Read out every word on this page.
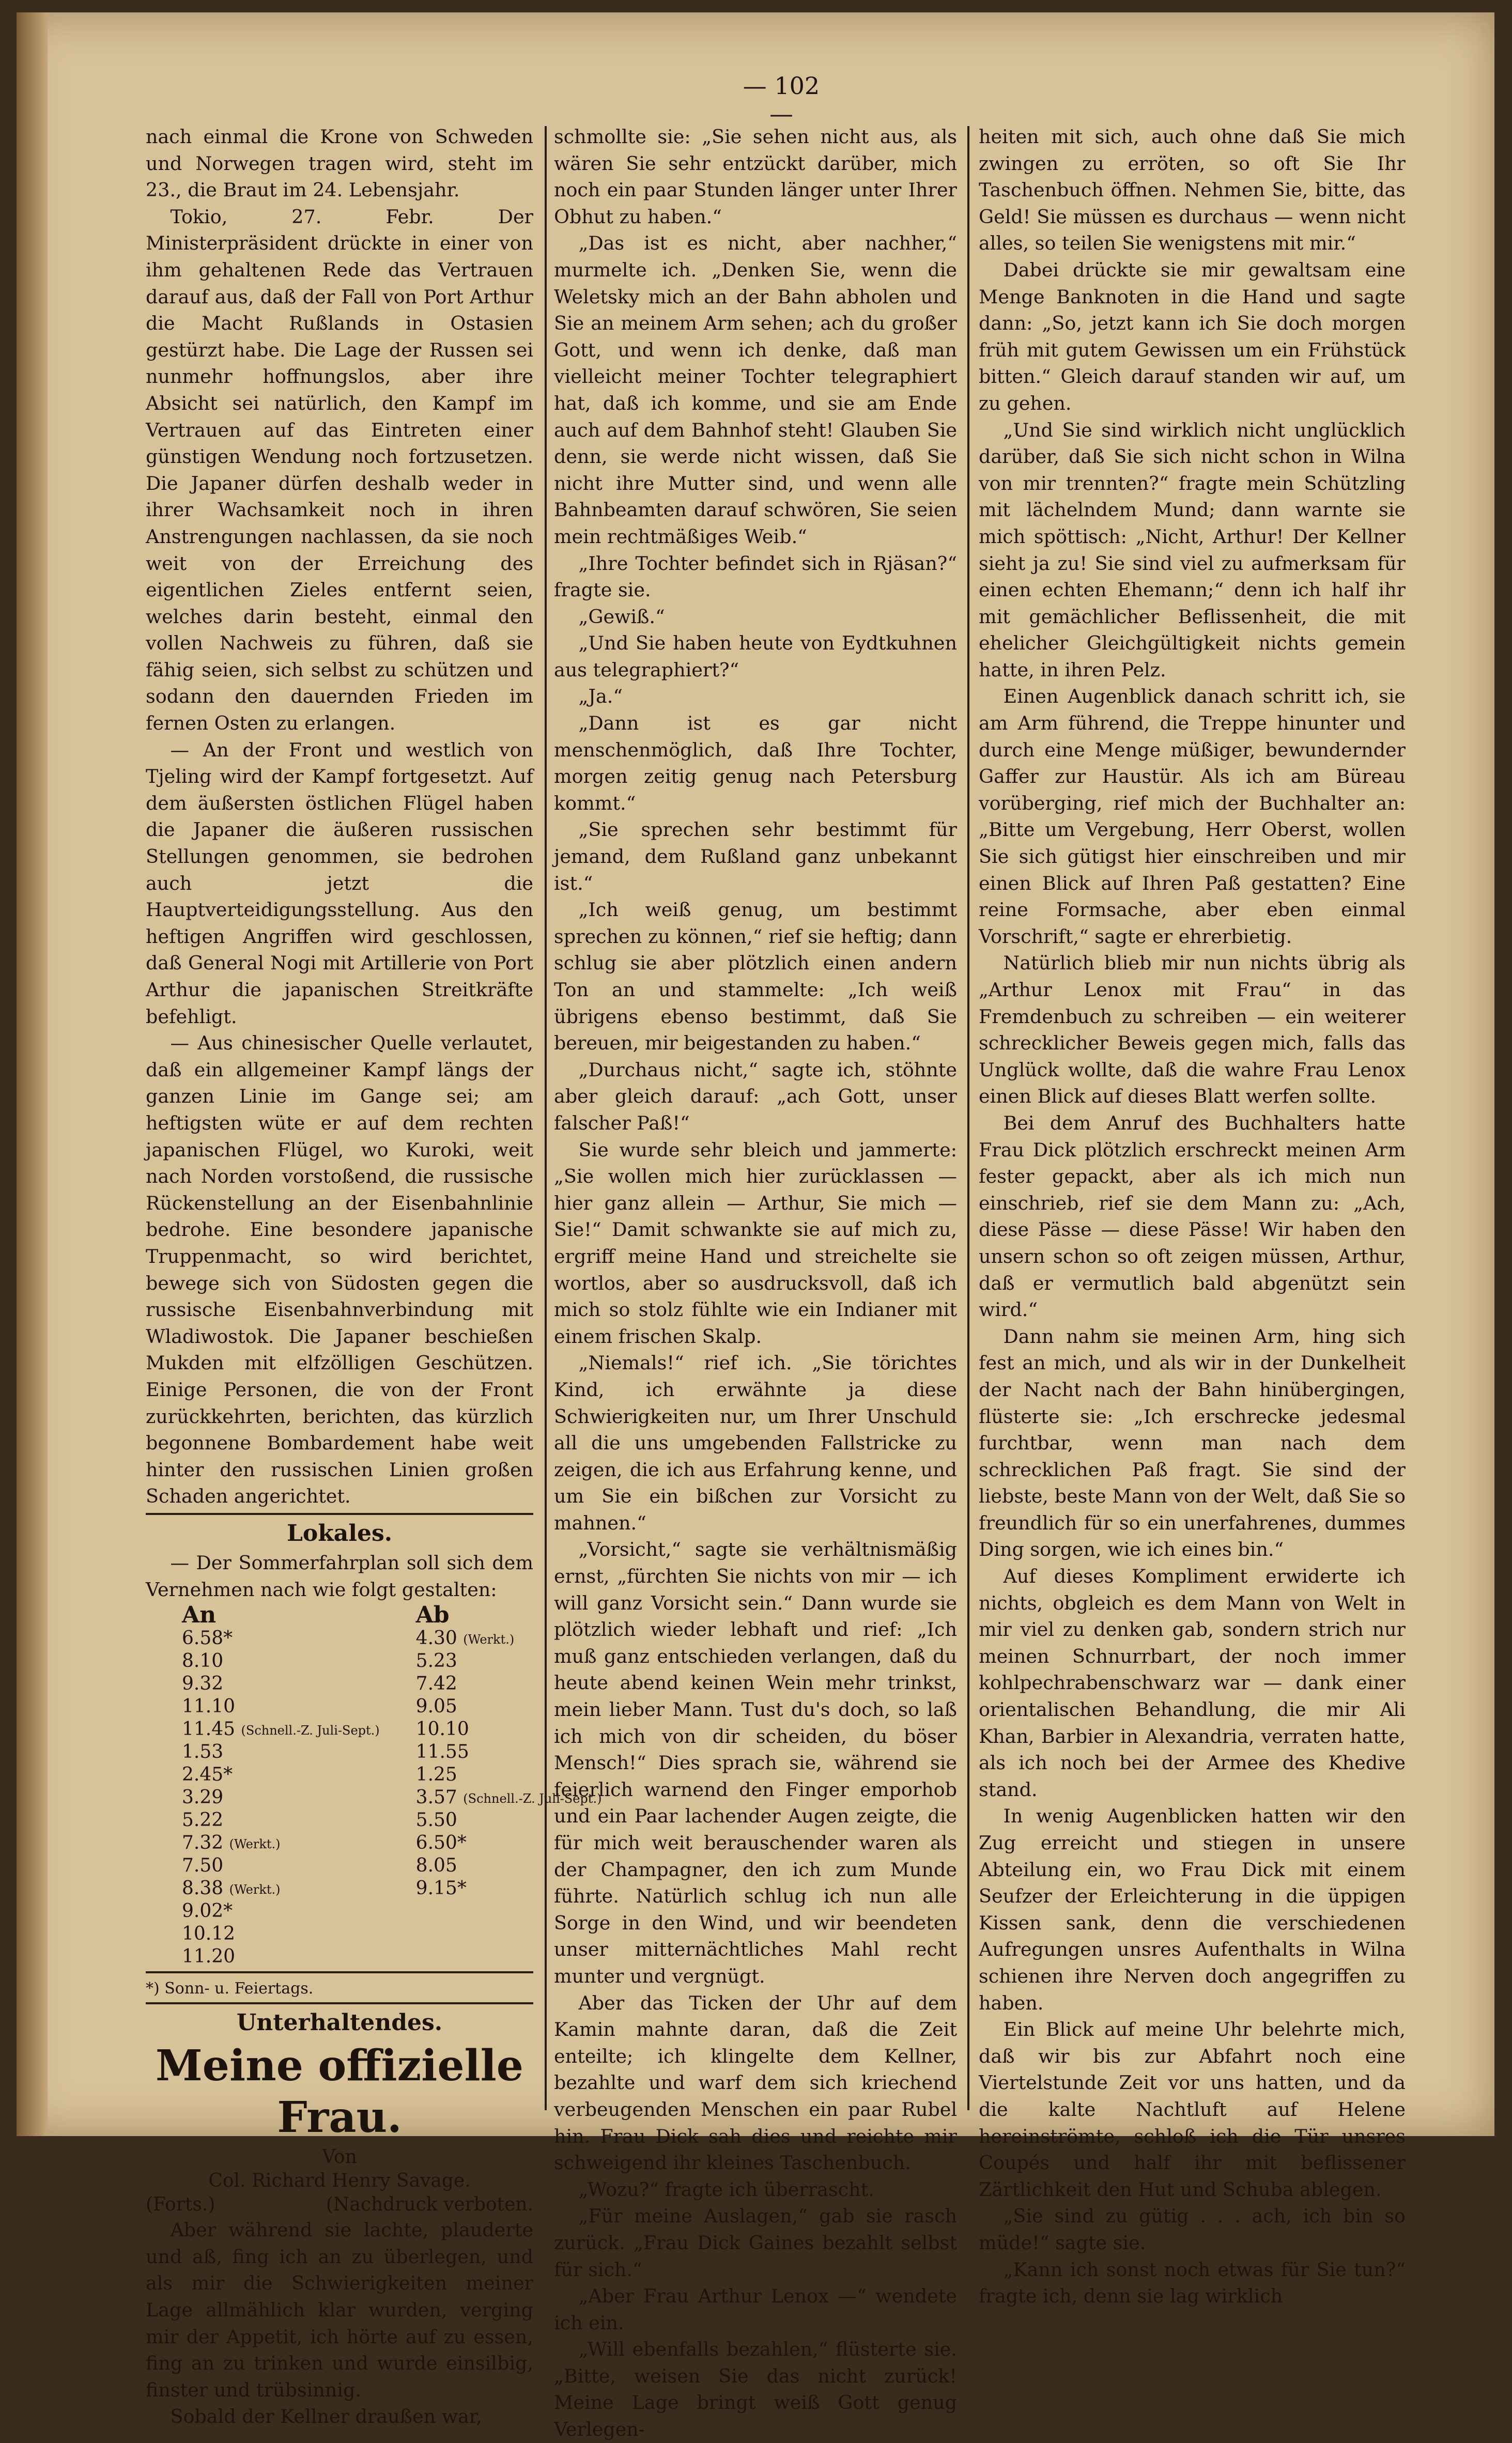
— 102 —

nach einmal die Krone von Schweden und Norwegen tragen wird, steht im 23., die Braut im 24. Lebensjahr.

Tokio, 27. Febr. Der Ministerpräsident drückte in einer von ihm gehaltenen Rede das Vertrauen darauf aus, daß der Fall von Port Arthur die Macht Rußlands in Ostasien gestürzt habe. Die Lage der Russen sei nunmehr hoffnungslos, aber ihre Absicht sei natürlich, den Kampf im Vertrauen auf das Eintreten einer günstigen Wendung noch fortzusetzen. Die Japaner dürfen deshalb weder in ihrer Wachsamkeit noch in ihren Anstrengungen nachlassen, da sie noch weit von der Erreichung des eigentlichen Zieles entfernt seien, welches darin besteht, einmal den vollen Nachweis zu führen, daß sie fähig seien, sich selbst zu schützen und sodann den dauernden Frieden im fernen Osten zu erlangen.

— An der Front und westlich von Tjeling wird der Kampf fortgesetzt. Auf dem äußersten östlichen Flügel haben die Japaner die äußeren russischen Stellungen genommen, sie bedrohen auch jetzt die Hauptverteidigungsstellung. Aus den heftigen Angriffen wird geschlossen, daß General Nogi mit Artillerie von Port Arthur die japanischen Streitkräfte befehligt.

— Aus chinesischer Quelle verlautet, daß ein allgemeiner Kampf längs der ganzen Linie im Gange sei; am heftigsten wüte er auf dem rechten japanischen Flügel, wo Kuroki, weit nach Norden vorstoßend, die russische Rückenstellung an der Eisenbahnlinie bedrohe. Eine besondere japanische Truppenmacht, so wird berichtet, bewege sich von Südosten gegen die russische Eisenbahnverbindung mit Wladiwostok. Die Japaner beschießen Mukden mit elfzölligen Geschützen. Einige Personen, die von der Front zurückkehrten, berichten, das kürzlich begonnene Bombardement habe weit hinter den russischen Linien großen Schaden angerichtet.

Lokales.

— Der Sommerfahrplan soll sich dem Vernehmen nach wie folgt gestalten:

An	Ab
6.58*	4.30 (Werkt.)
8.10	5.23
9.32	7.42
11.10	9.05
11.45 (Schnell.-Z. Juli-Sept.)	10.10
1.53	11.55
2.45*	1.25
3.29	3.57 (Schnell.-Z. Juli-Sept.)
5.22	5.50
7.32 (Werkt.)	6.50*
7.50	8.05
8.38 (Werkt.)	9.15*
9.02*	
10.12	
11.20	
*) Sonn- u. Feiertags.
Unterhaltendes.
Meine offizielle Frau.
Von
Col. Richard Henry Savage.
(Forts.)	(Nachdruck verboten.

Aber während sie lachte, plauderte und aß, fing ich an zu überlegen, und als mir die Schwierigkeiten meiner Lage allmählich klar wurden, verging mir der Appetit, ich hörte auf zu essen, fing an zu trinken und wurde einsilbig, finster und trübsinnig.

Sobald der Kellner draußen war,

schmollte sie: „Sie sehen nicht aus, als wären Sie sehr entzückt darüber, mich noch ein paar Stunden länger unter Ihrer Obhut zu haben.“

„Das ist es nicht, aber nachher,“ murmelte ich. „Denken Sie, wenn die Weletsky mich an der Bahn abholen und Sie an meinem Arm sehen; ach du großer Gott, und wenn ich denke, daß man vielleicht meiner Tochter telegraphiert hat, daß ich komme, und sie am Ende auch auf dem Bahnhof steht! Glauben Sie denn, sie werde nicht wissen, daß Sie nicht ihre Mutter sind, und wenn alle Bahnbeamten darauf schwören, Sie seien mein rechtmäßiges Weib.“

„Ihre Tochter befindet sich in Rjäsan?“ fragte sie.

„Gewiß.“

„Und Sie haben heute von Eydtkuhnen aus telegraphiert?“

„Ja.“

„Dann ist es gar nicht menschenmöglich, daß Ihre Tochter, morgen zeitig genug nach Petersburg kommt.“

„Sie sprechen sehr bestimmt für jemand, dem Rußland ganz unbekannt ist.“

„Ich weiß genug, um bestimmt sprechen zu können,“ rief sie heftig; dann schlug sie aber plötzlich einen andern Ton an und stammelte: „Ich weiß übrigens ebenso bestimmt, daß Sie bereuen, mir beigestanden zu haben.“

„Durchaus nicht,“ sagte ich, stöhnte aber gleich darauf: „ach Gott, unser falscher Paß!“

Sie wurde sehr bleich und jammerte: „Sie wollen mich hier zurücklassen — hier ganz allein — Arthur, Sie mich — Sie!“ Damit schwankte sie auf mich zu, ergriff meine Hand und streichelte sie wortlos, aber so ausdrucksvoll, daß ich mich so stolz fühlte wie ein Indianer mit einem frischen Skalp.

„Niemals!“ rief ich. „Sie törichtes Kind, ich erwähnte ja diese Schwierigkeiten nur, um Ihrer Unschuld all die uns umgebenden Fallstricke zu zeigen, die ich aus Erfahrung kenne, und um Sie ein bißchen zur Vorsicht zu mahnen.“

„Vorsicht,“ sagte sie verhältnismäßig ernst, „fürchten Sie nichts von mir — ich will ganz Vorsicht sein.“ Dann wurde sie plötzlich wieder lebhaft und rief: „Ich muß ganz entschieden verlangen, daß du heute abend keinen Wein mehr trinkst, mein lieber Mann. Tust du's doch, so laß ich mich von dir scheiden, du böser Mensch!“ Dies sprach sie, während sie feierlich warnend den Finger emporhob und ein Paar lachender Augen zeigte, die für mich weit berauschender waren als der Champagner, den ich zum Munde führte. Natürlich schlug ich nun alle Sorge in den Wind, und wir beendeten unser mitternächtliches Mahl recht munter und vergnügt.

Aber das Ticken der Uhr auf dem Kamin mahnte daran, daß die Zeit enteilte; ich klingelte dem Kellner, bezahlte und warf dem sich kriechend verbeugenden Menschen ein paar Rubel hin. Frau Dick sah dies und reichte mir schweigend ihr kleines Taschenbuch.

„Wozu?“ fragte ich überrascht.

„Für meine Auslagen,“ gab sie rasch zurück. „Frau Dick Gaines bezahlt selbst für sich.“

„Aber Frau Arthur Lenox —“ wendete ich ein.

„Will ebenfalls bezahlen,“ flüsterte sie. „Bitte, weisen Sie das nicht zurück! Meine Lage bringt weiß Gott genug Verlegen-

heiten mit sich, auch ohne daß Sie mich zwingen zu erröten, so oft Sie Ihr Taschenbuch öffnen. Nehmen Sie, bitte, das Geld! Sie müssen es durchaus — wenn nicht alles, so teilen Sie wenigstens mit mir.“

Dabei drückte sie mir gewaltsam eine Menge Banknoten in die Hand und sagte dann: „So, jetzt kann ich Sie doch morgen früh mit gutem Gewissen um ein Frühstück bitten.“ Gleich darauf standen wir auf, um zu gehen.

„Und Sie sind wirklich nicht unglücklich darüber, daß Sie sich nicht schon in Wilna von mir trennten?“ fragte mein Schützling mit lächelndem Mund; dann warnte sie mich spöttisch: „Nicht, Arthur! Der Kellner sieht ja zu! Sie sind viel zu aufmerksam für einen echten Ehemann;“ denn ich half ihr mit gemächlicher Beflissenheit, die mit ehelicher Gleichgültigkeit nichts gemein hatte, in ihren Pelz.

Einen Augenblick danach schritt ich, sie am Arm führend, die Treppe hinunter und durch eine Menge müßiger, bewundernder Gaffer zur Haustür. Als ich am Büreau vorüberging, rief mich der Buchhalter an: „Bitte um Vergebung, Herr Oberst, wollen Sie sich gütigst hier einschreiben und mir einen Blick auf Ihren Paß gestatten? Eine reine Formsache, aber eben einmal Vorschrift,“ sagte er ehrerbietig.

Natürlich blieb mir nun nichts übrig als „Arthur Lenox mit Frau“ in das Fremdenbuch zu schreiben — ein weiterer schrecklicher Beweis gegen mich, falls das Unglück wollte, daß die wahre Frau Lenox einen Blick auf dieses Blatt werfen sollte.

Bei dem Anruf des Buchhalters hatte Frau Dick plötzlich erschreckt meinen Arm fester gepackt, aber als ich mich nun einschrieb, rief sie dem Mann zu: „Ach, diese Pässe — diese Pässe! Wir haben den unsern schon so oft zeigen müssen, Arthur, daß er vermutlich bald abgenützt sein wird.“

Dann nahm sie meinen Arm, hing sich fest an mich, und als wir in der Dunkelheit der Nacht nach der Bahn hinübergingen, flüsterte sie: „Ich erschrecke jedesmal furchtbar, wenn man nach dem schrecklichen Paß fragt. Sie sind der liebste, beste Mann von der Welt, daß Sie so freundlich für so ein unerfahrenes, dummes Ding sorgen, wie ich eines bin.“

Auf dieses Kompliment erwiderte ich nichts, obgleich es dem Mann von Welt in mir viel zu denken gab, sondern strich nur meinen Schnurrbart, der noch immer kohlpechrabenschwarz war — dank einer orientalischen Behandlung, die mir Ali Khan, Barbier in Alexandria, verraten hatte, als ich noch bei der Armee des Khedive stand.

In wenig Augenblicken hatten wir den Zug erreicht und stiegen in unsere Abteilung ein, wo Frau Dick mit einem Seufzer der Erleichterung in die üppigen Kissen sank, denn die verschiedenen Aufregungen unsres Aufenthalts in Wilna schienen ihre Nerven doch angegriffen zu haben.

Ein Blick auf meine Uhr belehrte mich, daß wir bis zur Abfahrt noch eine Viertelstunde Zeit vor uns hatten, und da die kalte Nachtluft auf Helene hereinströmte, schloß ich die Tür unsres Coupés und half ihr mit beflissener Zärtlichkeit den Hut und Schuba ablegen.

„Sie sind zu gütig . . . ach, ich bin so müde!“ sagte sie.

„Kann ich sonst noch etwas für Sie tun?“ fragte ich, denn sie lag wirklich
